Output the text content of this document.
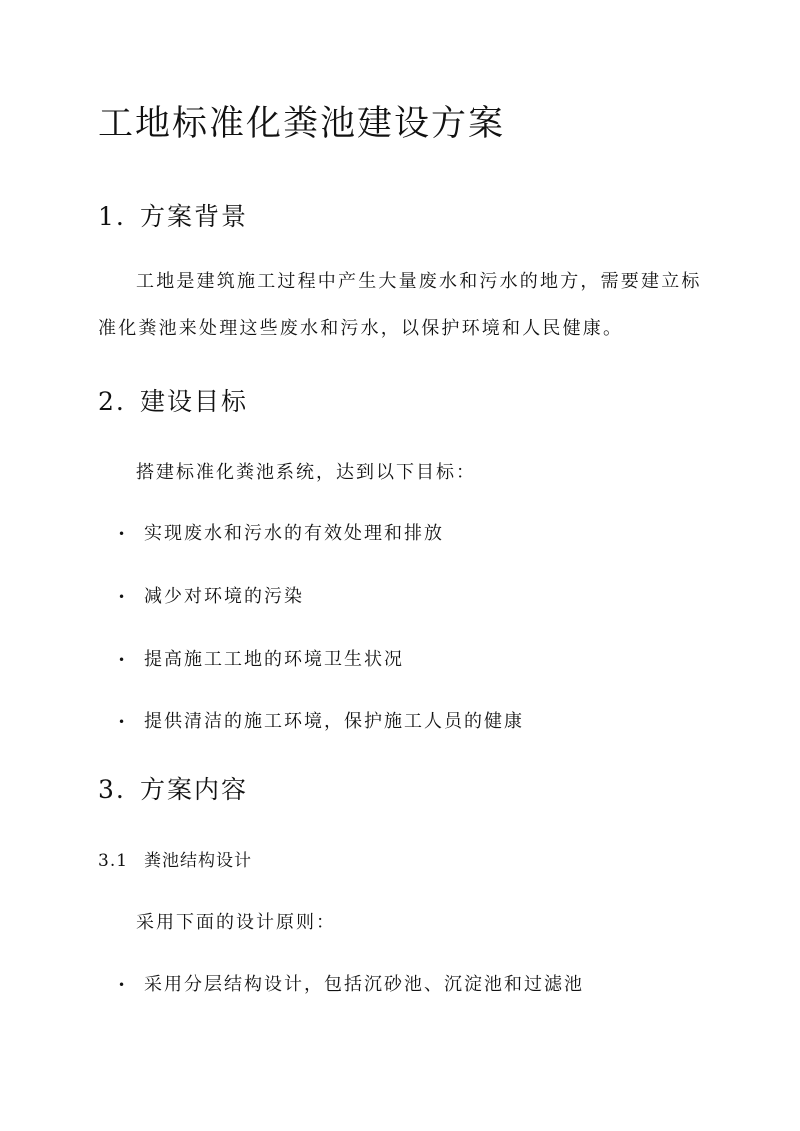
工地标准化粪池建设方案
1. 方案背景

工地是建筑施工过程中产生大量废水和污水的地方，需要建立标准化粪池来处理这些废水和污水，以保护环境和人民健康。

2. 建设目标

搭建标准化粪池系统，达到以下目标：

• 实现废水和污水的有效处理和排放

• 减少对环境的污染

• 提高施工工地的环境卫生状况

• 提供清洁的施工环境，保护施工人员的健康

3. 方案内容
3.1 粪池结构设计

采用下面的设计原则：

• 采用分层结构设计，包括沉砂池、沉淀池和过滤池
